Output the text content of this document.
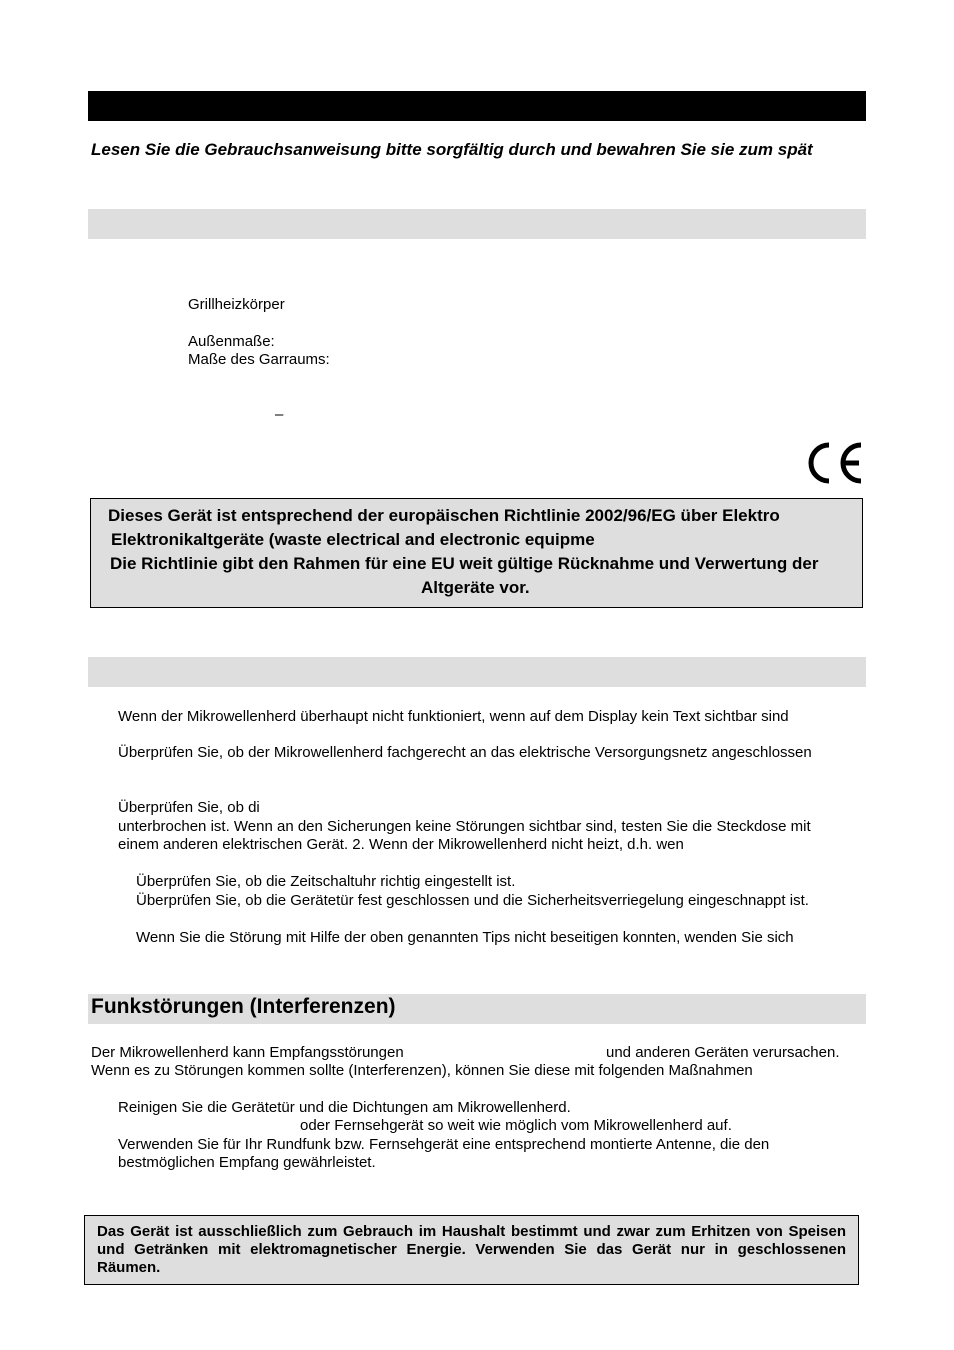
Lesen Sie die Gebrauchsanweisung bitte sorgfältig durch und bewahren Sie sie zum spät
Grillheizkörper
Außenmaße:
Maße des Garraums:
–
Dieses Gerät ist entsprechend der europäischen Richtlinie 2002/96/EG über Elektro
Elektronikaltgeräte (waste electrical and electronic equipme
Die Richtlinie gibt den Rahmen für eine EU weit gültige Rücknahme und Verwertung der
Altgeräte vor.
Wenn der Mikrowellenherd überhaupt nicht funktioniert, wenn auf dem Display kein Text sichtbar sind
Überprüfen Sie, ob der Mikrowellenherd fachgerecht an das elektrische Versorgungsnetz angeschlossen
Überprüfen Sie, ob di
unterbrochen ist. Wenn an den Sicherungen keine Störungen sichtbar sind, testen Sie die Steckdose mit
einem anderen elektrischen Gerät. 2. Wenn der Mikrowellenherd nicht heizt, d.h. wen
Überprüfen Sie, ob die Zeitschaltuhr richtig eingestellt ist.
Überprüfen Sie, ob die Gerätetür fest geschlossen und die Sicherheitsverriegelung eingeschnappt ist.
Wenn Sie die Störung mit Hilfe der oben genannten Tips nicht beseitigen konnten, wenden Sie sich
Funkstörungen (Interferenzen)
Der Mikrowellenherd kann Empfangsstörungen	und anderen Geräten verursachen.
Wenn es zu Störungen kommen sollte (Interferenzen), können Sie diese mit folgenden Maßnahmen
Reinigen Sie die Gerätetür und die Dichtungen am Mikrowellenherd.
oder Fernsehgerät so weit wie möglich vom Mikrowellenherd auf.
Verwenden Sie für Ihr Rundfunk bzw. Fernsehgerät eine entsprechend montierte Antenne, die den
bestmöglichen Empfang gewährleistet.
Das Gerät ist ausschließlich zum Gebrauch im Haushalt bestimmt und zwar zum Erhitzen von Speisen und Getränken mit elektromagnetischer Energie. Verwenden Sie das Gerät nur in geschlossenen Räumen.
